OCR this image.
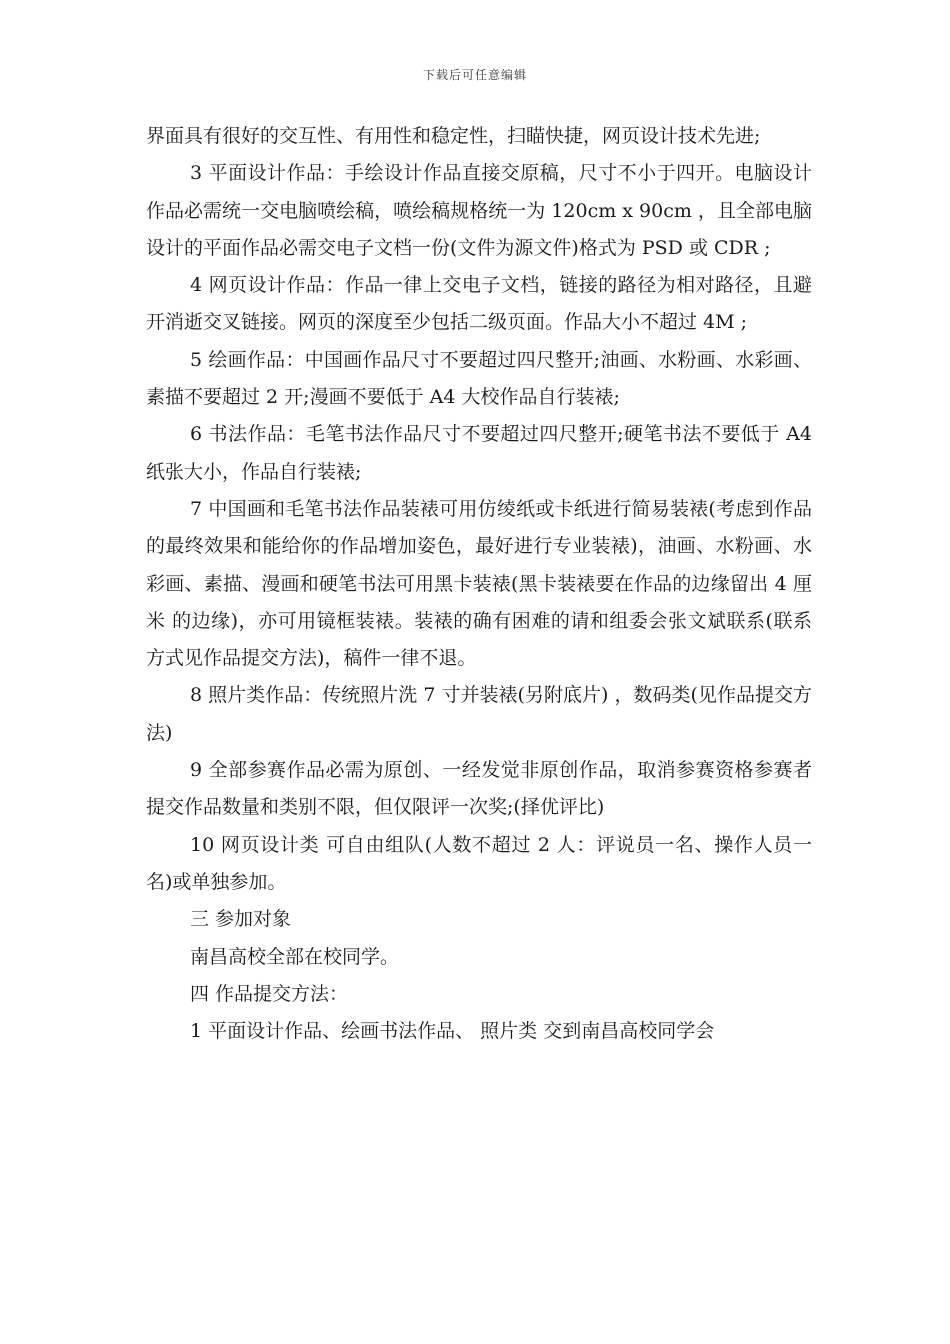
下载后可任意编辑

界面具有很好的交互性、有用性和稳定性，扫瞄快捷，网页设计技术先进;

3 平面设计作品：手绘设计作品直接交原稿，尺寸不小于四开。电脑设计作品必需统一交电脑喷绘稿，喷绘稿规格统一为 120cm x 90cm ，且全部电脑设计的平面作品必需交电子文档一份(文件为源文件)格式为 PSD 或 CDR ;

4 网页设计作品：作品一律上交电子文档，链接的路径为相对路径，且避开消逝交叉链接。网页的深度至少包括二级页面。作品大小不超过 4M ;

5 绘画作品：中国画作品尺寸不要超过四尺整开;油画、水粉画、水彩画、素描不要超过 2 开;漫画不要低于 A4 大校作品自行装裱;

6 书法作品：毛笔书法作品尺寸不要超过四尺整开;硬笔书法不要低于 A4 纸张大小，作品自行装裱;

7 中国画和毛笔书法作品装裱可用仿绫纸或卡纸进行简易装裱(考虑到作品的最终效果和能给你的作品增加姿色，最好进行专业装裱)，油画、水粉画、水彩画、素描、漫画和硬笔书法可用黑卡装裱(黑卡装裱要在作品的边缘留出 4 厘米 的边缘)，亦可用镜框装裱。装裱的确有困难的请和组委会张文斌联系(联系方式见作品提交方法)，稿件一律不退。

8 照片类作品：传统照片洗 7 寸并装裱(另附底片) ，数码类(见作品提交方法)

9 全部参赛作品必需为原创、一经发觉非原创作品，取消参赛资格参赛者提交作品数量和类别不限，但仅限评一次奖;(择优评比)

10 网页设计类 可自由组队(人数不超过 2 人：评说员一名、操作人员一名)或单独参加。

三 参加对象

南昌高校全部在校同学。

四 作品提交方法：

1 平面设计作品、绘画书法作品、 照片类 交到南昌高校同学会
